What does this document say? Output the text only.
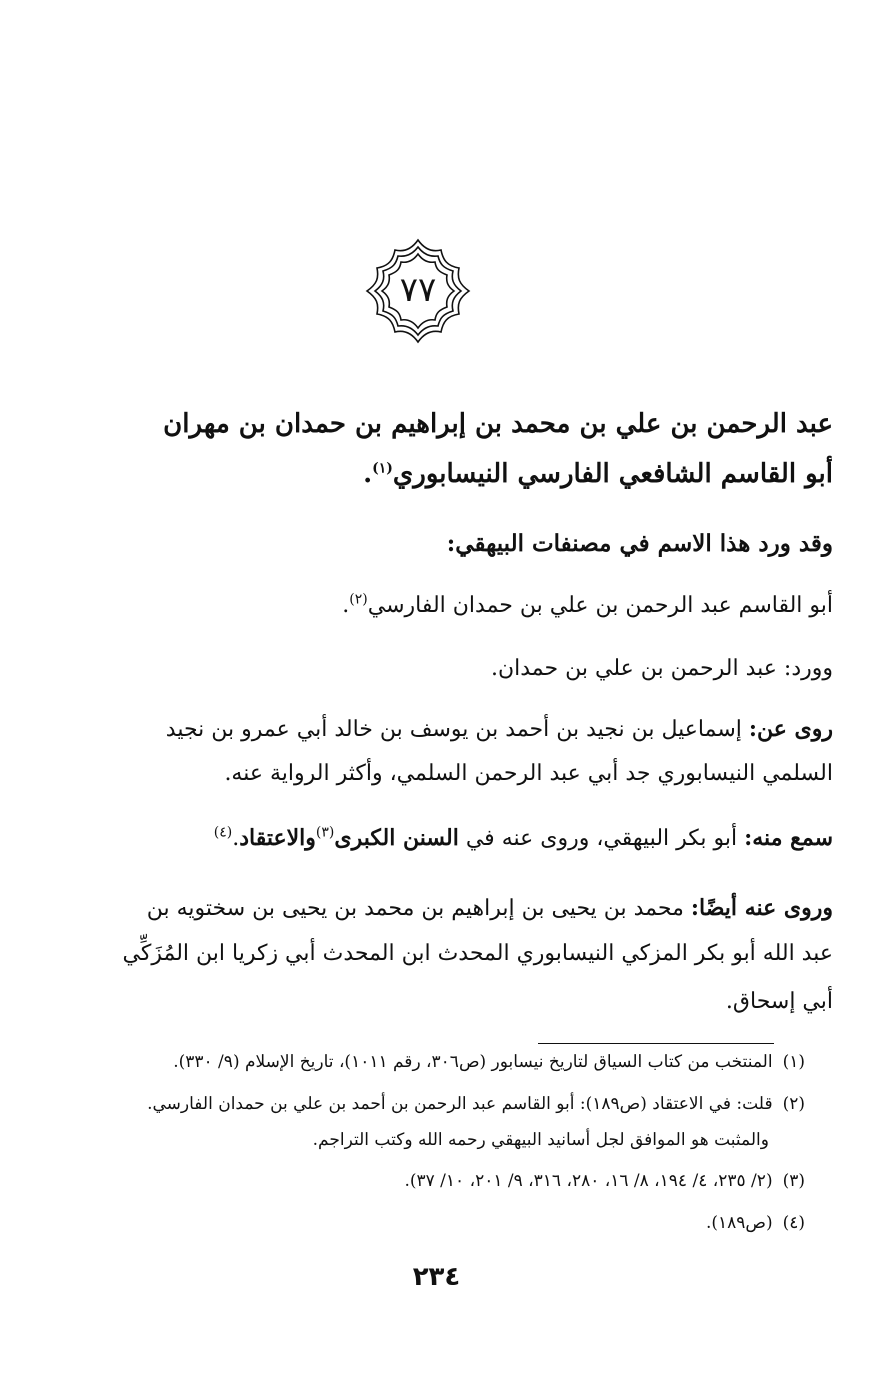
٧٧
عبد الرحمن بن علي بن محمد بن إبراهيم بن حمدان بن مهران
أبو القاسم الشافعي الفارسي النيسابوري$^{(١)}$.
وقد ورد هذا الاسم في مصنفات البيهقي:
أبو القاسم عبد الرحمن بن علي بن حمدان الفارسي$^{(٢)}$.
وورد: عبد الرحمن بن علي بن حمدان.
روى عن: إسماعيل بن نجيد بن أحمد بن يوسف بن خالد أبي عمرو بن نجيد
السلمي النيسابوري جد أبي عبد الرحمن السلمي، وأكثر الرواية عنه.
سمع منه: أبو بكر البيهقي، وروى عنه في السنن الكبرى$^{(٣)}$والاعتقاد.$^{(٤)}$
وروى عنه أيضًا: محمد بن يحيى بن إبراهيم بن محمد بن يحيى بن سختويه بن
عبد الله أبو بكر المزكي النيسابوري المحدث ابن المحدث أبي زكريا ابن المُزَكِّي
أبي إسحاق.
(١)المنتخب من كتاب السياق لتاريخ نيسابور (ص٣٠٦، رقم ١٠١١)، تاريخ الإسلام (٩/ ٣٣٠).
(٢)قلت: في الاعتقاد (ص١٨٩): أبو القاسم عبد الرحمن بن أحمد بن علي بن حمدان الفارسي.
والمثبت هو الموافق لجل أسانيد البيهقي رحمه الله وكتب التراجم.
(٣)(٢/ ٢٣٥، ٤/ ١٩٤، ٨/ ١٦، ٢٨٠، ٣١٦، ٩/ ٢٠١، ١٠/ ٣٧).
(٤)(ص١٨٩).
٢٣٤
